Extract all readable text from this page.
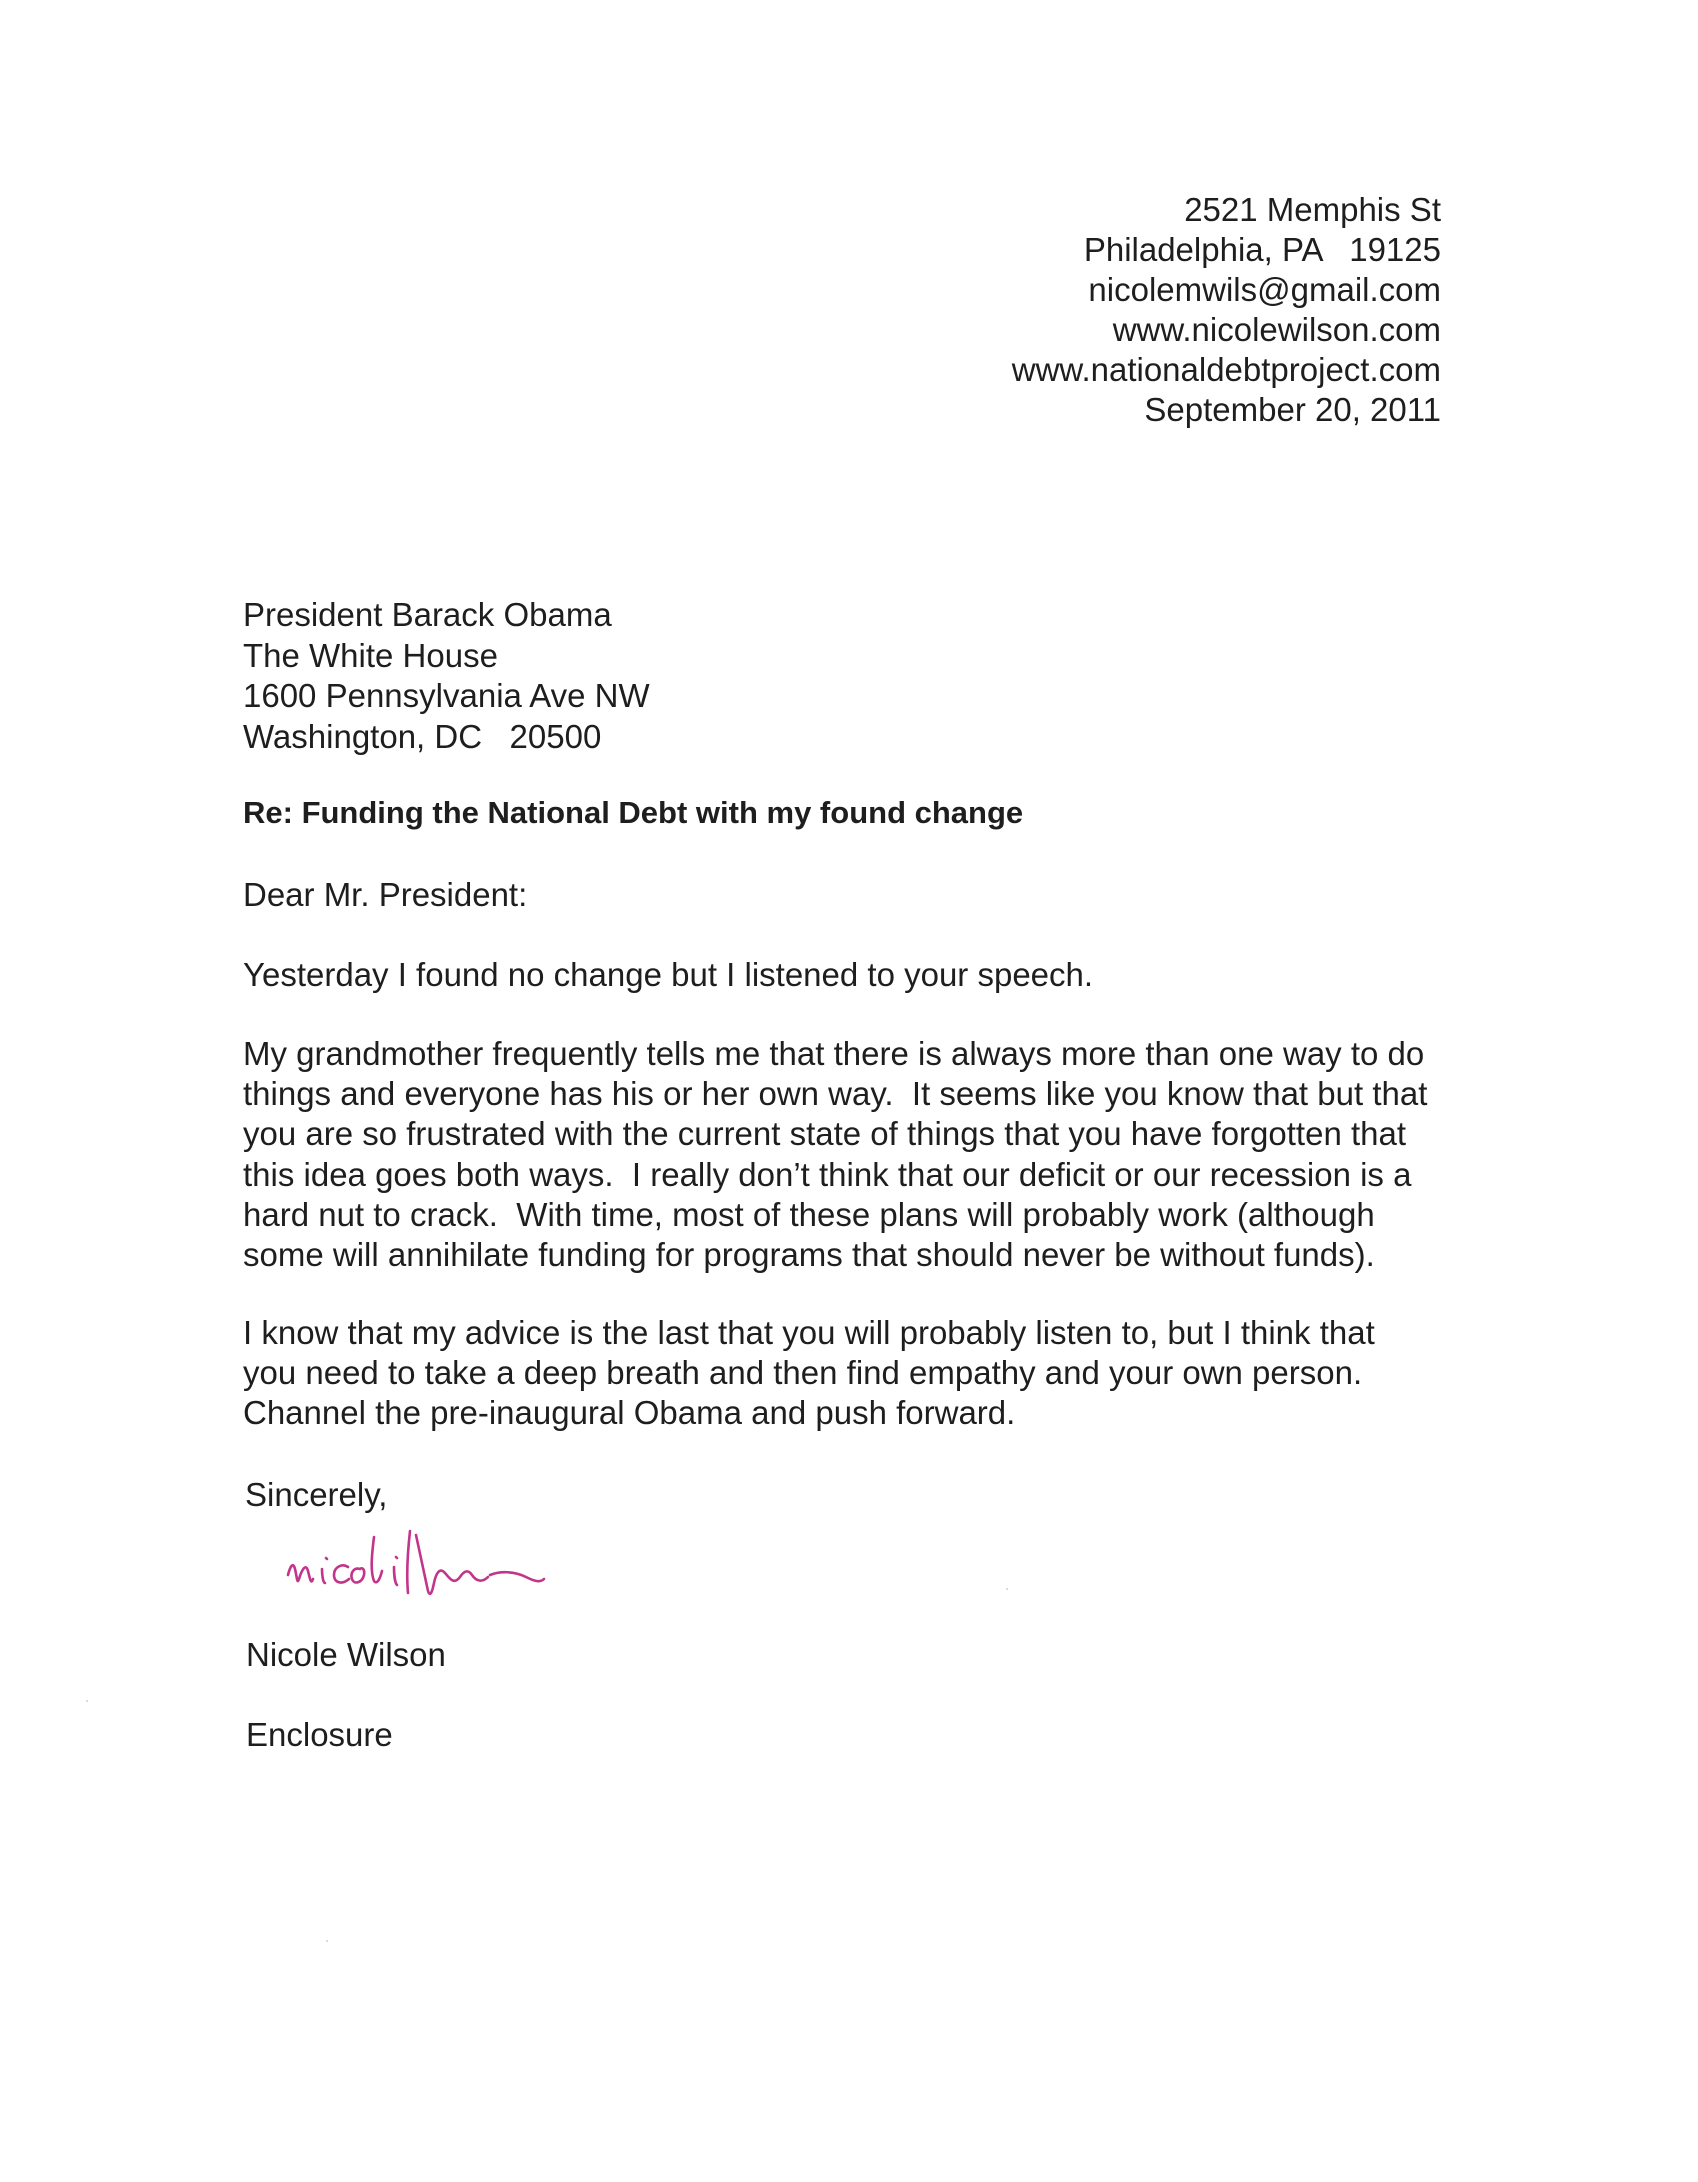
2521 Memphis St
Philadelphia, PA   19125
nicolemwils@gmail.com
www.nicolewilson.com
www.nationaldebtproject.com
September 20, 2011
President Barack Obama
The White House
1600 Pennsylvania Ave NW
Washington, DC   20500
Re: Funding the National Debt with my found change
Dear Mr. President:
Yesterday I found no change but I listened to your speech.
My grandmother frequently tells me that there is always more than one way to do
things and everyone has his or her own way.  It seems like you know that but that
you are so frustrated with the current state of things that you have forgotten that
this idea goes both ways.  I really don’t think that our deficit or our recession is a
hard nut to crack.  With time, most of these plans will probably work (although
some will annihilate funding for programs that should never be without funds).
I know that my advice is the last that you will probably listen to, but I think that
you need to take a deep breath and then find empathy and your own person.
Channel the pre-inaugural Obama and push forward.
Sincerely,
Nicole Wilson
Enclosure
